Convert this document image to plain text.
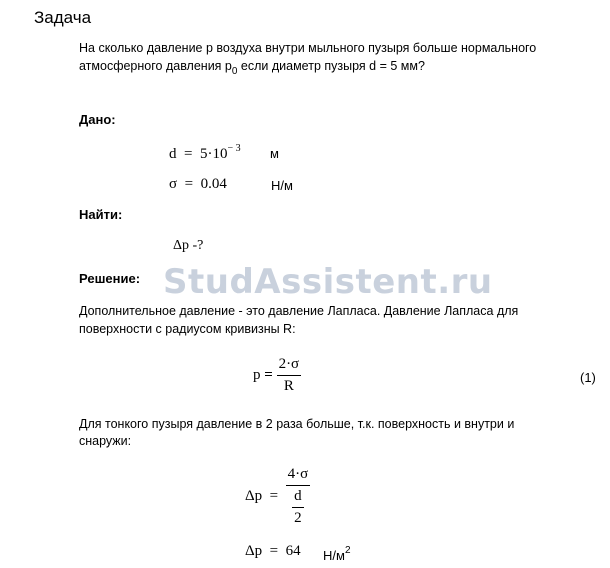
Задача
На сколько давление p воздуха внутри мыльного пузыря больше нормального
атмосферного давления $p_0$ если диаметр пузыря d = 5 мм?
Дано:
$d = 5\cdot 10^{- 3}$ м
σ = 0.04	Н/м
Найти:
Δp -?
Решение: StudAssistent.ru
Дополнительное давление - это давление Лапласа. Давление Лапласа для
поверхности с радиусом кривизны R:
$p = \frac{2\cdot\sigma}{R}$	(1)
Для тонкого пузыря давление в 2 раза больше, т.к. поверхность и внутри и
снаружи:
$\Delta p = \frac{4\cdot\sigma}{\frac{d}{2}}$
Δp = 64 $Н/м^2$
